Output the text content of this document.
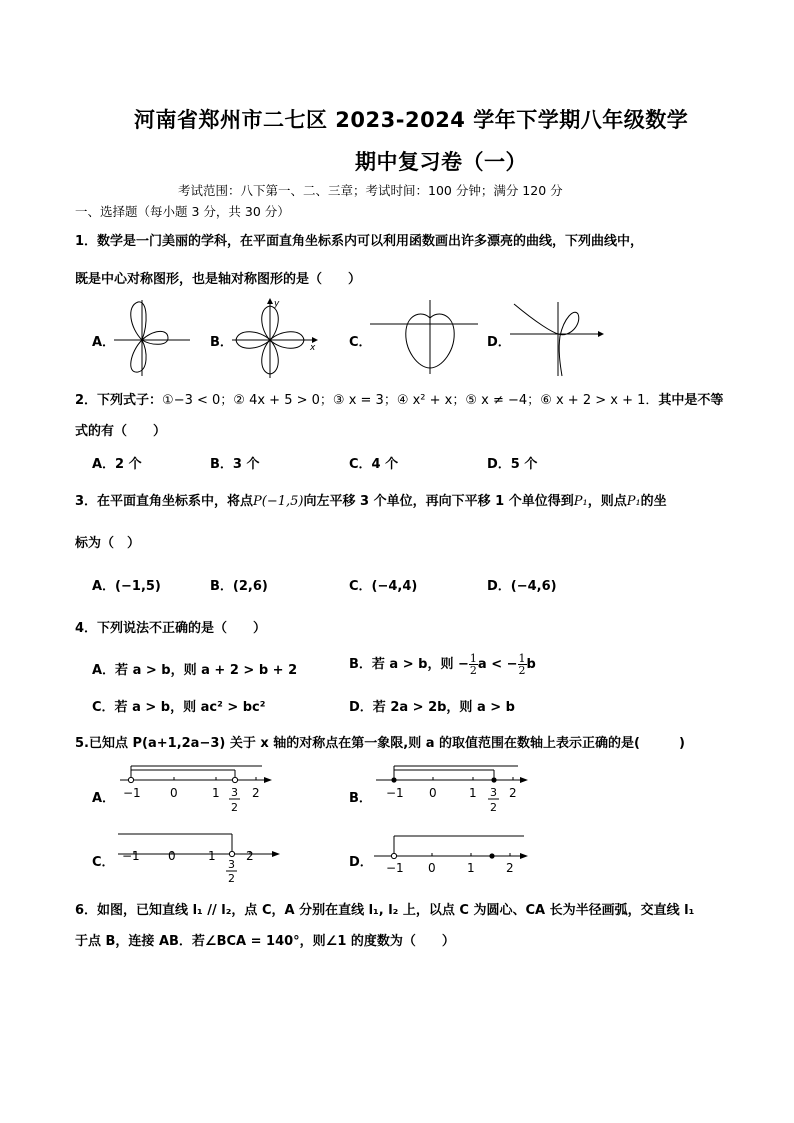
河南省郑州市二七区 2023-2024 学年下学期八年级数学
期中复习卷（一）
考试范围：八下第一、二、三章；考试时间：100 分钟；满分 120 分
一、选择题（每小题 3 分，共 30 分）
1．数学是一门美丽的学科，在平面直角坐标系内可以利用函数画出许多漂亮的曲线，下列曲线中，
既是中心对称图形，也是轴对称图形的是（　　）
A．	B．
y
x	C．	D．
2．下列式子：①−3 < 0；② 4x + 5 > 0；③ x = 3；④ x² + x；⑤ x ≠ −4；⑥ x + 2 > x + 1．其中是不等
式的有（　　）
A．2 个	B．3 个	C．4 个	D．5 个
3．在平面直角坐标系中，将点P(−1,5)向左平移 3 个单位，再向下平移 1 个单位得到P₁，则点P₁的坐
标为（　）
A．(−1,5)	B．(2,6)	C．(−4,4)	D．(−4,6)
4．下列说法不正确的是（　　）
A．若 a > b，则 a + 2 > b + 2	B．若 a > b，则 − $\frac{1}{2}$ a < − $\frac{1}{2}$ b
C．若 a > b，则 ac² > bc²	D．若 2a > 2b，则 a > b
5.已知点 P(a+1,2a−3) 关于 x 轴的对称点在第一象限,则 a 的取值范围在数轴上表示正确的是(　　　)
A． −1 0	1	2
3
2
B． −1 0	1	2
3
2
C． −1 0	1	2
3
2
D． −1 0	1	2
6．如图，已知直线 l₁ // l₂，点 C，A 分别在直线 l₁, l₂ 上，以点 C 为圆心、CA 长为半径画弧，交直线 l₁
于点 B，连接 AB．若∠BCA = 140°，则∠1 的度数为（　　）
